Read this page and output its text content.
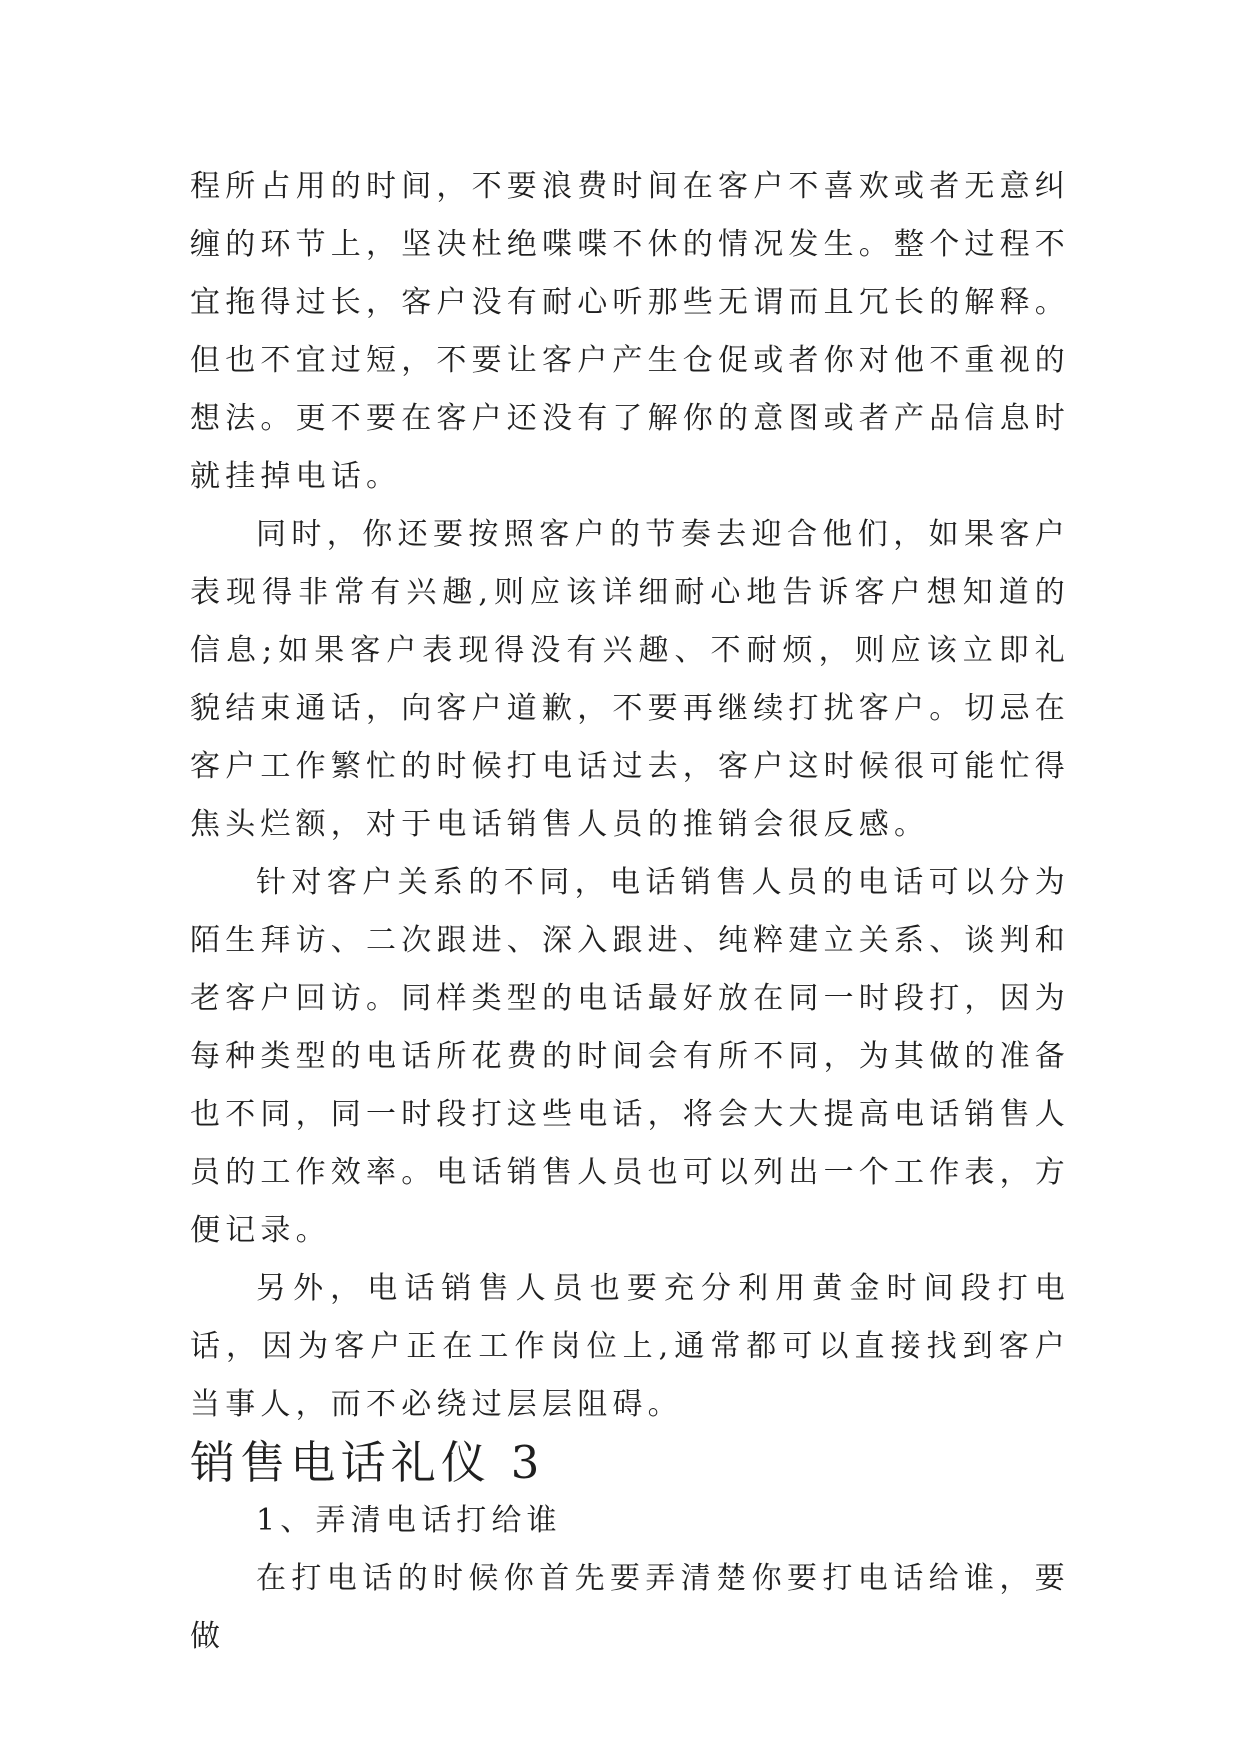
程所占用的时间，不要浪费时间在客户不喜欢或者无意纠缠的环节上，坚决杜绝喋喋不休的情况发生。整个过程不宜拖得过长，客户没有耐心听那些无谓而且冗长的解释。但也不宜过短，不要让客户产生仓促或者你对他不重视的想法。更不要在客户还没有了解你的意图或者产品信息时就挂掉电话。

同时，你还要按照客户的节奏去迎合他们，如果客户表现得非常有兴趣,则应该详细耐心地告诉客户想知道的信息;如果客户表现得没有兴趣、不耐烦，则应该立即礼貌结束通话，向客户道歉，不要再继续打扰客户。切忌在客户工作繁忙的时候打电话过去，客户这时候很可能忙得焦头烂额，对于电话销售人员的推销会很反感。

针对客户关系的不同，电话销售人员的电话可以分为陌生拜访、二次跟进、深入跟进、纯粹建立关系、谈判和老客户回访。同样类型的电话最好放在同一时段打，因为每种类型的电话所花费的时间会有所不同，为其做的准备也不同，同一时段打这些电话，将会大大提高电话销售人员的工作效率。电话销售人员也可以列出一个工作表，方便记录。

另外，电话销售人员也要充分利用黄金时间段打电话，因为客户正在工作岗位上,通常都可以直接找到客户当事人，而不必绕过层层阻碍。

销售电话礼仪 3

1、弄清电话打给谁

在打电话的时候你首先要弄清楚你要打电话给谁，要做
